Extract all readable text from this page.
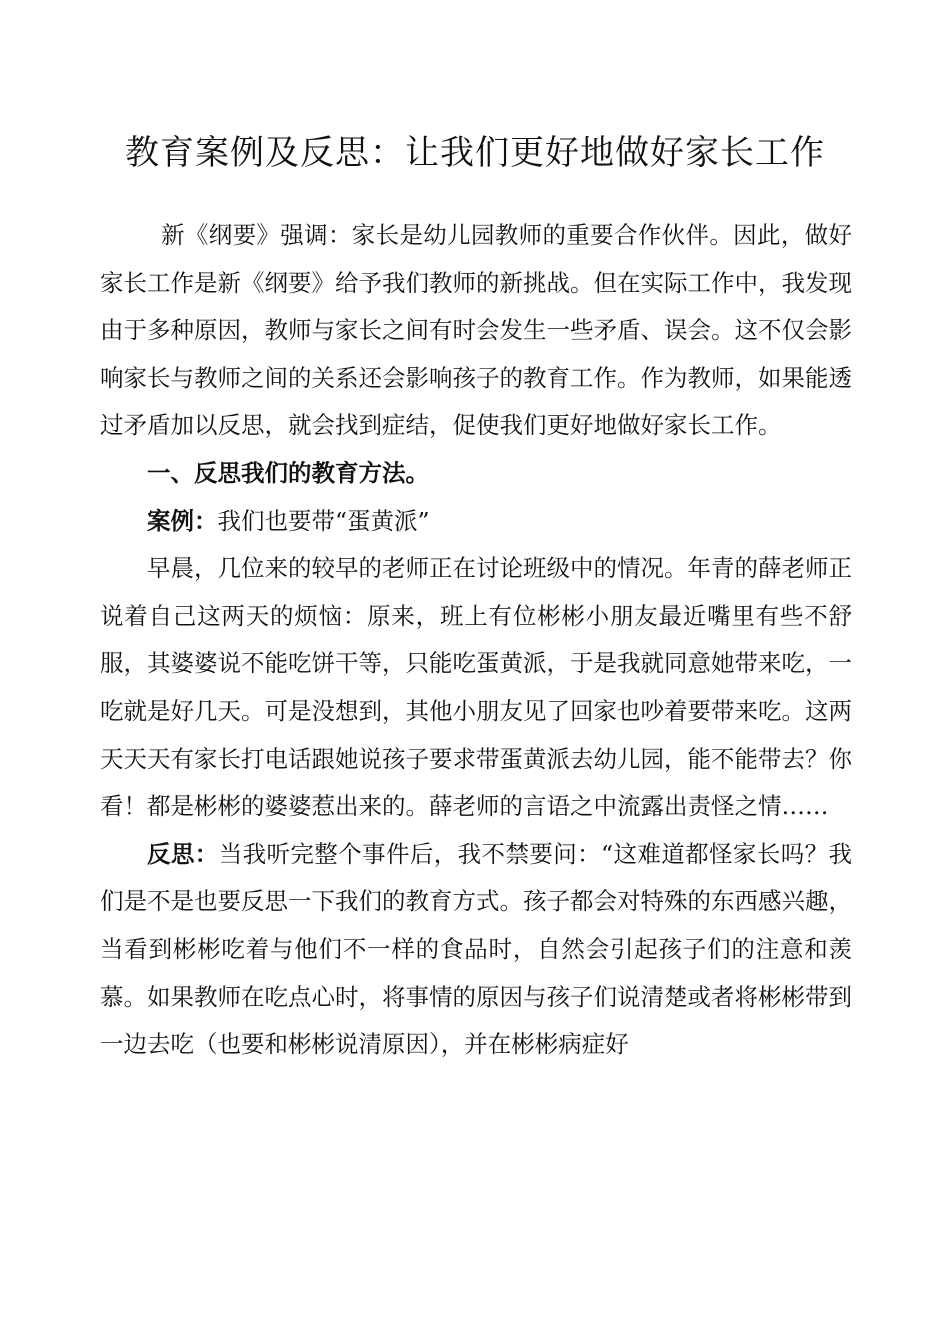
教育案例及反思：让我们更好地做好家长工作

新《纲要》强调：家长是幼儿园教师的重要合作伙伴。因此，做好家长工作是新《纲要》给予我们教师的新挑战。但在实际工作中，我发现由于多种原因，教师与家长之间有时会发生一些矛盾、误会。这不仅会影响家长与教师之间的关系还会影响孩子的教育工作。作为教师，如果能透过矛盾加以反思，就会找到症结，促使我们更好地做好家长工作。

一、反思我们的教育方法。

案例：我们也要带“蛋黄派”

早晨，几位来的较早的老师正在讨论班级中的情况。年青的薛老师正说着自己这两天的烦恼：原来，班上有位彬彬小朋友最近嘴里有些不舒服，其婆婆说不能吃饼干等，只能吃蛋黄派，于是我就同意她带来吃，一吃就是好几天。可是没想到，其他小朋友见了回家也吵着要带来吃。这两天天天有家长打电话跟她说孩子要求带蛋黄派去幼儿园，能不能带去？你看！都是彬彬的婆婆惹出来的。薛老师的言语之中流露出责怪之情……

反思：当我听完整个事件后，我不禁要问：“这难道都怪家长吗？我们是不是也要反思一下我们的教育方式。孩子都会对特殊的东西感兴趣，当看到彬彬吃着与他们不一样的食品时，自然会引起孩子们的注意和羡慕。如果教师在吃点心时，将事情的原因与孩子们说清楚或者将彬彬带到一边去吃（也要和彬彬说清原因），并在彬彬病症好
